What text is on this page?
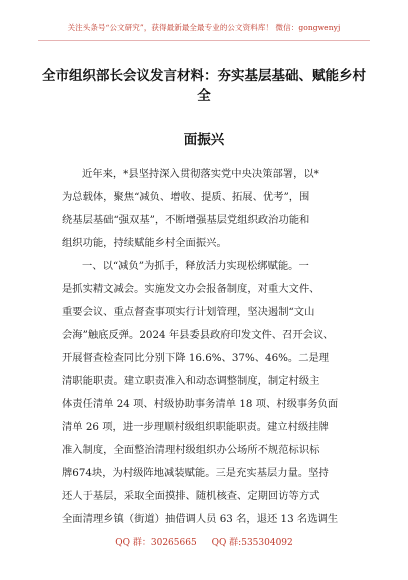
关注头条号“公文研究”，获得最新最全最专业的公文资料库！ 微信：gongwenyj
全市组织部长会议发言材料：夯实基层基础、赋能乡村全
面振兴
近年来，*县坚持深入贯彻落实党中央决策部署，以*
为总载体，聚焦“减负、增收、提质、拓展、优考”，围
绕基层基础“强双基”，不断增强基层党组织政治功能和
组织功能，持续赋能乡村全面振兴。
一、以“减负”为抓手，释放活力实现松绑赋能。一
是抓实精文减会。实施发文办会报备制度，对重大文件、
重要会议、重点督查事项实行计划管理，坚决遏制“文山
会海”触底反弹。2024 年县委县政府印发文件、召开会议、
开展督查检查同比分别下降 16.6%、37%、46%。二是理
清职能职责。建立职责准入和动态调整制度，制定村级主
体责任清单 24 项、村级协助事务清单 18 项、村级事务负面
清单 26 项，进一步理顺村级组织职能职责。建立村级挂牌
准入制度，全面整治清理村级组织办公场所不规范标识标
牌674块，为村级阵地减装赋能。三是充实基层力量。坚持
还人于基层，采取全面摸排、随机核查、定期回访等方式
全面清理乡镇（街道）抽借调人员 63 名，退还 13 名选调生
QQ 群：30265665 QQ 群:535304092
